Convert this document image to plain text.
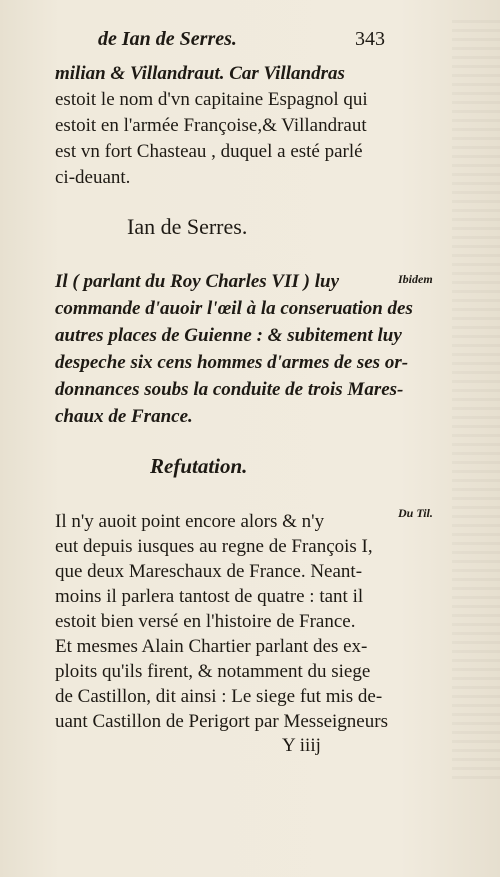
de Ian de Serres.	343
milian & Villandraut. Car Villandras
estoit le nom d'vn capitaine Espagnol qui
estoit en l'armée Françoise,& Villandraut
est vn fort Chasteau , duquel a esté parlé
ci-deuant.
Ian de Serres.
Il ( parlant du Roy Charles VII ) luy
commande d'auoir l'œil à la conseruation des
autres places de Guienne : & subitement luy
despeche six cens hommes d'armes de ses or-
donnances soubs la conduite de trois Mares-
chaux de France.
Ibidem
Refutation.
Il n'y auoit point encore alors & n'y
eut depuis iusques au regne de François I,
que deux Mareschaux de France. Neant-
moins il parlera tantost de quatre : tant il
estoit bien versé en l'histoire de France.
Et mesmes Alain Chartier parlant des ex-
ploits qu'ils firent, & notamment du siege
de Castillon, dit ainsi : Le siege fut mis de-
uant Castillon de Perigort par Messeigneurs
Du Til.
Y iiij
